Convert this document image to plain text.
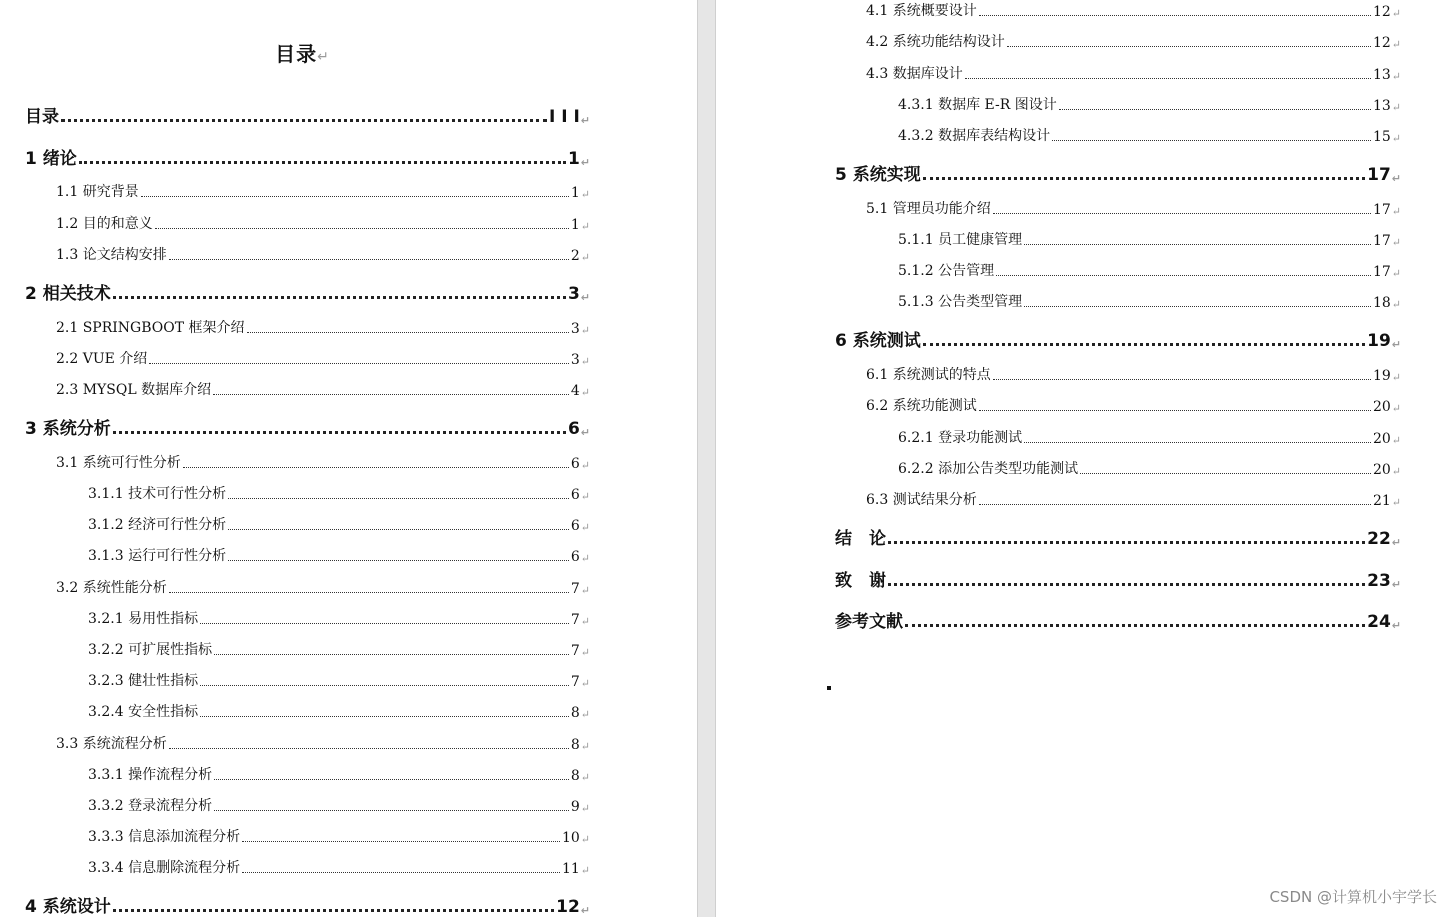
目录↵
目录	I I I ↵
1 绪论	1 ↵
1.1 研究背景	1 ↵
1.2 目的和意义	1 ↵
1.3 论文结构安排	2 ↵
2 相关技术	3 ↵
2.1 SPRINGBOOT 框架介绍	3 ↵
2.2 VUE 介绍	3 ↵
2.3 MYSQL 数据库介绍	4 ↵
3 系统分析	6 ↵
3.1 系统可行性分析	6 ↵
3.1.1 技术可行性分析	6 ↵
3.1.2 经济可行性分析	6 ↵
3.1.3 运行可行性分析	6 ↵
3.2 系统性能分析	7 ↵
3.2.1 易用性指标	7 ↵
3.2.2 可扩展性指标	7 ↵
3.2.3 健壮性指标	7 ↵
3.2.4 安全性指标	8 ↵
3.3 系统流程分析	8 ↵
3.3.1 操作流程分析	8 ↵
3.3.2 登录流程分析	9 ↵
3.3.3 信息添加流程分析	10 ↵
3.3.4 信息删除流程分析	11 ↵
4 系统设计	12 ↵
4.1 系统概要设计	12 ↵
4.2 系统功能结构设计	12 ↵
4.3 数据库设计	13 ↵
4.3.1 数据库 E-R 图设计	13 ↵
4.3.2 数据库表结构设计	15 ↵
5 系统实现	17 ↵
5.1 管理员功能介绍	17 ↵
5.1.1 员工健康管理	17 ↵
5.1.2 公告管理	17 ↵
5.1.3 公告类型管理	18 ↵
6 系统测试	19 ↵
6.1 系统测试的特点	19 ↵
6.2 系统功能测试	20 ↵
6.2.1 登录功能测试	20 ↵
6.2.2 添加公告类型功能测试	20 ↵
6.3 测试结果分析	21 ↵
结　论	22 ↵
致　谢	23 ↵
参考文献	24 ↵
CSDN @计算机小宇学长
